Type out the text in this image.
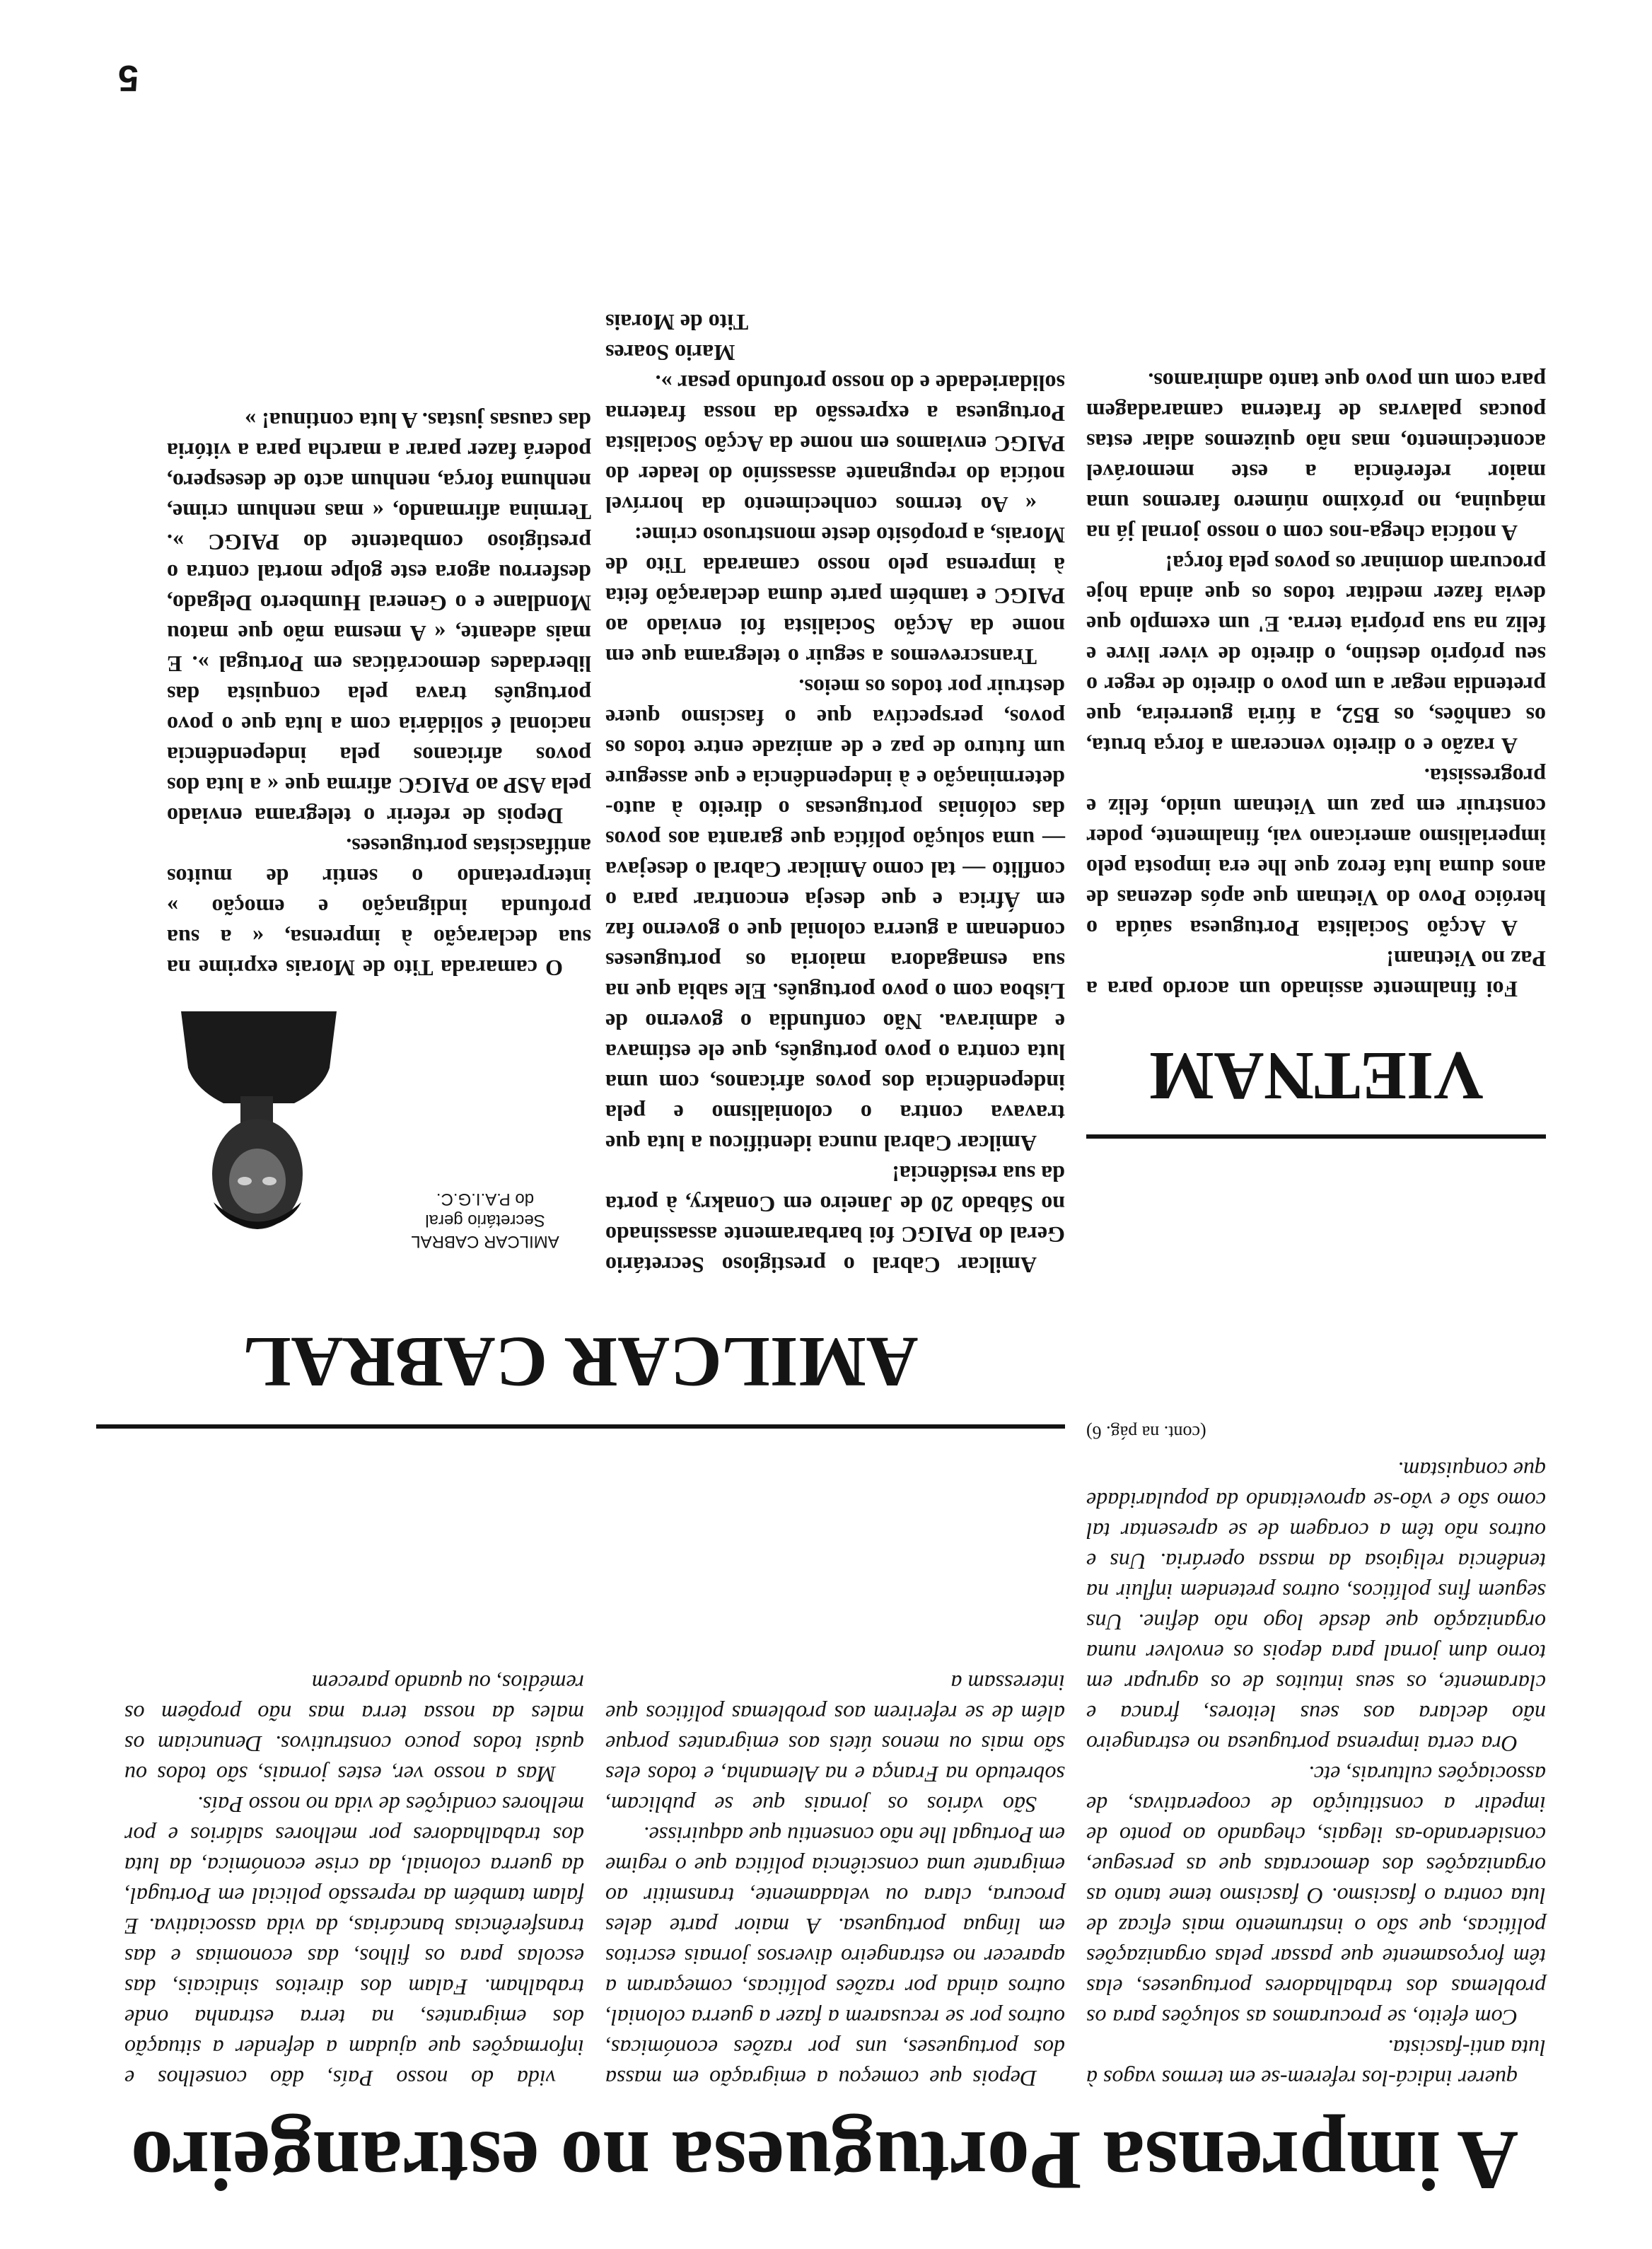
A imprensa Portuguesa no estrangeiro

Depois que começou a emigração em massa dos portugueses, uns por razões económicas, outros por se recusarem a fazer a guerra colonial, outros ainda por razões políticas, começaram a aparecer no estrangeiro diversos jornais escritos em língua portuguesa. A maior parte deles procura, clara ou veladamente, transmitir ao emigrante uma consciência política que o regime em Portugal lhe não consentiu que adquirisse.

São vários os jornais que se publicam, sobretudo na França e na Alemanha, e todos eles são mais ou menos úteis aos emigrantes porque além de se referirem aos problemas políticos que interessam a

vida do nosso País, dão conselhos e informações que ajudam a defender a situação dos emigrantes, na terra estranha onde trabalham. Falam dos direitos sindicais, das escolas para os filhos, das economias e das transferências bancárias, da vida associativa. E falam também da repressão policial em Portugal, da guerra colonial, da crise económica, da luta dos trabalhadores por melhores salários e por melhores condições de vida no nosso País.

Mas a nosso ver, estes jornais, são todos ou quási todos pouco construtivos. Denunciam os males da nossa terra mas não propõem os remédios, ou quando parecem

AMILCAR CABRAL

Amilcar Cabral o prestigioso Secretário Geral do PAIGC foi barbaramente assassinado no Sábado 20 de Janeiro em Conakry, à porta da sua residência!

Amilcar Cabral nunca identificou a luta que travava contra o colonialismo e pela independência dos povos africanos, com uma luta contra o povo português, que ele estimava e admirava. Não confundia o governo de Lisboa com o povo português. Ele sabia que na sua esmagadora maioria os portugueses condenam a guerra colonial que o governo faz em África e que deseja encontrar para o conflito — tal como Amilcar Cabral o desejava — uma solução política que garanta aos povos das colónias portuguesas o direito à auto-determinação e à independência e que assegure um futuro de paz e de amizade entre todos os povos, perspectiva que o fascismo quere destruir por todos os meios.

Transcrevemos a seguir o telegrama que em nome da Acção Socialista foi enviado ao PAIGC e também parte duma declaração feita à imprensa pelo nosso camarada Tito de Morais, a propósito deste monstruoso crime:

« Ao termos conhecimento da horrível notícia do repugnante assassínio do leader do PAIGC enviamos em nome da Acção Socialista Portuguesa a expressão da nossa fraterna solidariedade e do nosso profundo pesar ».

Mario Soares

Tito de Morais

AMILCAR CABRAL
Secretário geral
do P.A.I.G.C.

O camarada Tito de Morais exprime na sua declaração à imprensa, « a sua profunda indignação e emoção » interpretando o sentir de muitos antifascistas portugueses.

Depois de referir o telegrama enviado pela ASP ao PAIGC afirma que « a luta dos povos africanos pela independência nacional é solidária com a luta que o povo português trava pela conquista das liberdades democráticas em Portugal ». E mais adeante, « A mesma mão que matou Mondlane e o General Humberto Delgado, desferrou agora este golpe mortal contra o prestigioso combatente do PAIGC ». Termina afirmando, « mas nenhum crime, nenhuma força, nenhum acto de desespero, poderá fazer parar a marcha para a vitória das causas justas. A luta continua! »

querer indicá-los referem-se em termos vagos à luta anti-fascista.

Com efeito, se procuramos as soluções para os problemas dos trabalhadores portugueses, elas têm forçosamente que passar pelas organizações políticas, que são o instrumento mais eficaz de luta contra o fascismo. O fascismo teme tanto as organizações dos democratas que as persegue, considerando-as ilegais, chegando ao ponto de impedir a constituição de cooperativas, de associações culturais, etc.

Ora certa imprensa portuguesa no estrangeiro não declara aos seus leitores, franca e claramente, os seus intuitos de os agrupar em torno dum jornal para depois os envolver numa organização que desde logo não define. Uns seguem fins políticos, outros pretendem influir na tendência religiosa da massa operária. Uns e outros não têm a coragem de se apresentar tal como são e vão-se aproveitando da popularidade que conquistam.

(cont. na pág. 6)

VIETNAM

Foi finalmente assinado um acordo para a Paz no Vietnam!

A Acção Socialista Portuguesa saúda o heróico Povo do Vietnam que após dezenas de anos duma luta feroz que lhe era imposta pelo imperialismo americano vai, finalmente, poder construir em paz um Vietnam unido, feliz e progressista.

A razão e o direito venceram a força bruta, os canhões, os B52, a fúria guerreira, que pretendia negar a um povo o direito de reger o seu próprio destino, o direito de viver livre e feliz na sua própria terra. E' um exemplo que devia fazer meditar todos os que ainda hoje procuram dominar os povos pela força!

A notícia chega-nos com o nosso jornal já na máquina, no próximo número faremos uma maior referência a este memorável acontecimento, mas não quizemos adiar estas poucas palavras de fraterna camaradagem para com um povo que tanto admiramos.

5
